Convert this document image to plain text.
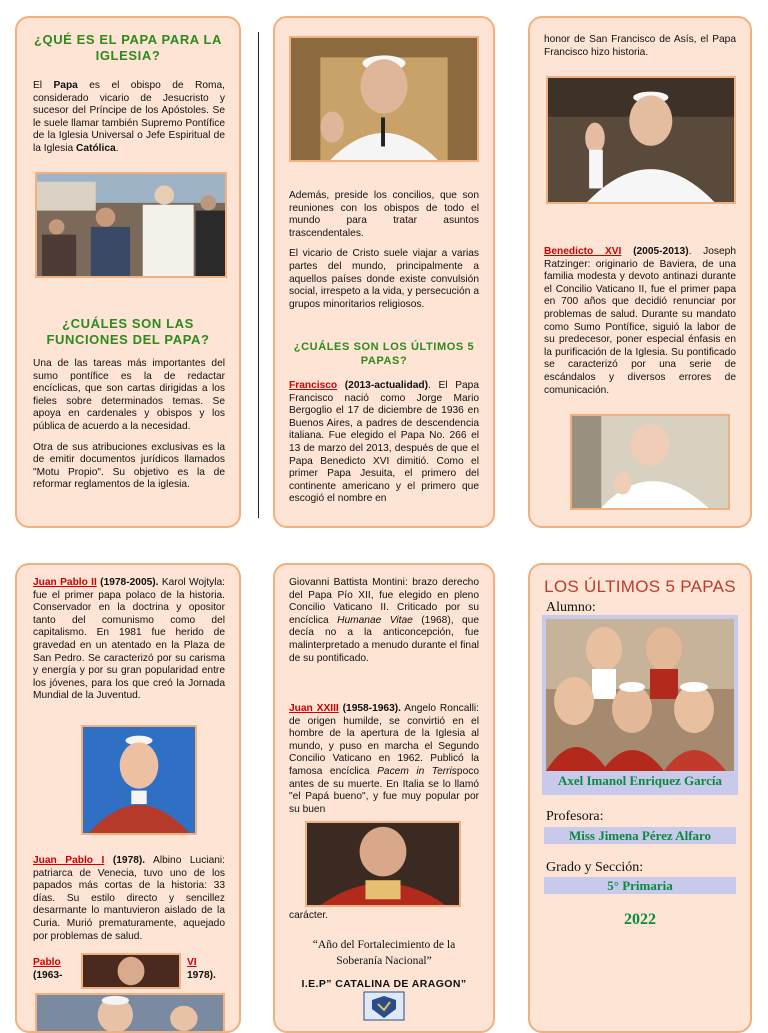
¿QUÉ ES EL PAPA PARA LA IGLESIA?

El Papa es el obispo de Roma, considerado vicario de Jesucristo y sucesor del Príncipe de los Apóstoles. Se le suele llamar también Supremo Pontífice de la Iglesia Universal o Jefe Espiritual de la Iglesia Católica.

¿CUÁLES SON LAS FUNCIONES DEL PAPA?

Una de las tareas más importantes del sumo pontífice es la de redactar encíclicas, que son cartas dirigidas a los fieles sobre determinados temas. Se apoya en cardenales y obispos y los pública de acuerdo a la necesidad.

Otra de sus atribuciones exclusivas es la de emitir documentos jurídicos llamados "Motu Propio". Su objetivo es la de reformar reglamentos de la iglesia.

Además, preside los concilios, que son reuniones con los obispos de todo el mundo para tratar asuntos trascendentales.

El vicario de Cristo suele viajar a varias partes del mundo, principalmente a aquellos países donde existe convulsión social, irrespeto a la vida, y persecución a grupos minoritarios religiosos.

¿CUÁLES SON LOS ÚLTIMOS 5 PAPAS?

Francisco (2013-actualidad). El Papa Francisco nació como Jorge Mario Bergoglio el 17 de diciembre de 1936 en Buenos Aires, a padres de descendencia italiana. Fue elegido el Papa No. 266 el 13 de marzo del 2013, después de que el Papa Benedicto XVI dimitió. Como el primer Papa Jesuita, el primero del continente americano y el primero que escogió el nombre en

honor de San Francisco de Asís, el Papa Francisco hizo historia.

Benedicto XVI (2005-2013). Joseph Ratzinger: originario de Baviera, de una familia modesta y devoto antinazi durante el Concilio Vaticano II, fue el primer papa en 700 años que decidió renunciar por problemas de salud. Durante su mandato como Sumo Pontífice, siguió la labor de su predecesor, poner especial énfasis en la purificación de la Iglesia. Su pontificado se caracterizó por una serie de escándalos y diversos errores de comunicación.

Juan Pablo II (1978-2005). Karol Wojtyla: fue el primer papa polaco de la historia. Conservador en la doctrina y opositor tanto del comunismo como del capitalismo. En 1981 fue herido de gravedad en un atentado en la Plaza de San Pedro. Se caracterizó por su carisma y energía y por su gran popularidad entre los jóvenes, para los que creó la Jornada Mundial de la Juventud.

Juan Pablo I (1978). Albino Luciani: patriarca de Venecia, tuvo uno de los papados más cortas de la historia: 33 días. Su estilo directo y sencillez desarmante lo mantuvieron aislado de la Curia. Murió prematuramente, aquejado por problemas de salud.

Pablo
(1963-
VI
1978).

Giovanni Battista Montini: brazo derecho del Papa Pío XII, fue elegido en pleno Concilio Vaticano II. Criticado por su encíclica Humanae Vitae (1968), que decía no a la anticoncepción, fue malinterpretado a menudo durante el final de su pontificado.

Juan XXIII (1958-1963). Angelo Roncalli: de origen humilde, se convirtió en el hombre de la apertura de la Iglesia al mundo, y puso en marcha el Segundo Concilio Vaticano en 1962. Publicó la famosa encíclica Pacem in Terrispoco antes de su muerte. En Italia se lo llamó "el Papá bueno", y fue muy popular por su buen

carácter.

“Año del Fortalecimiento de la Soberanía Nacional”

I.E.P” CATALINA DE ARAGON”
LOS ÚLTIMOS 5 PAPAS
Alumno:
Axel Imanol Enriquez García
Profesora:
Miss Jimena Pérez Alfaro
Grado y Sección:
5° Primaria
2022
